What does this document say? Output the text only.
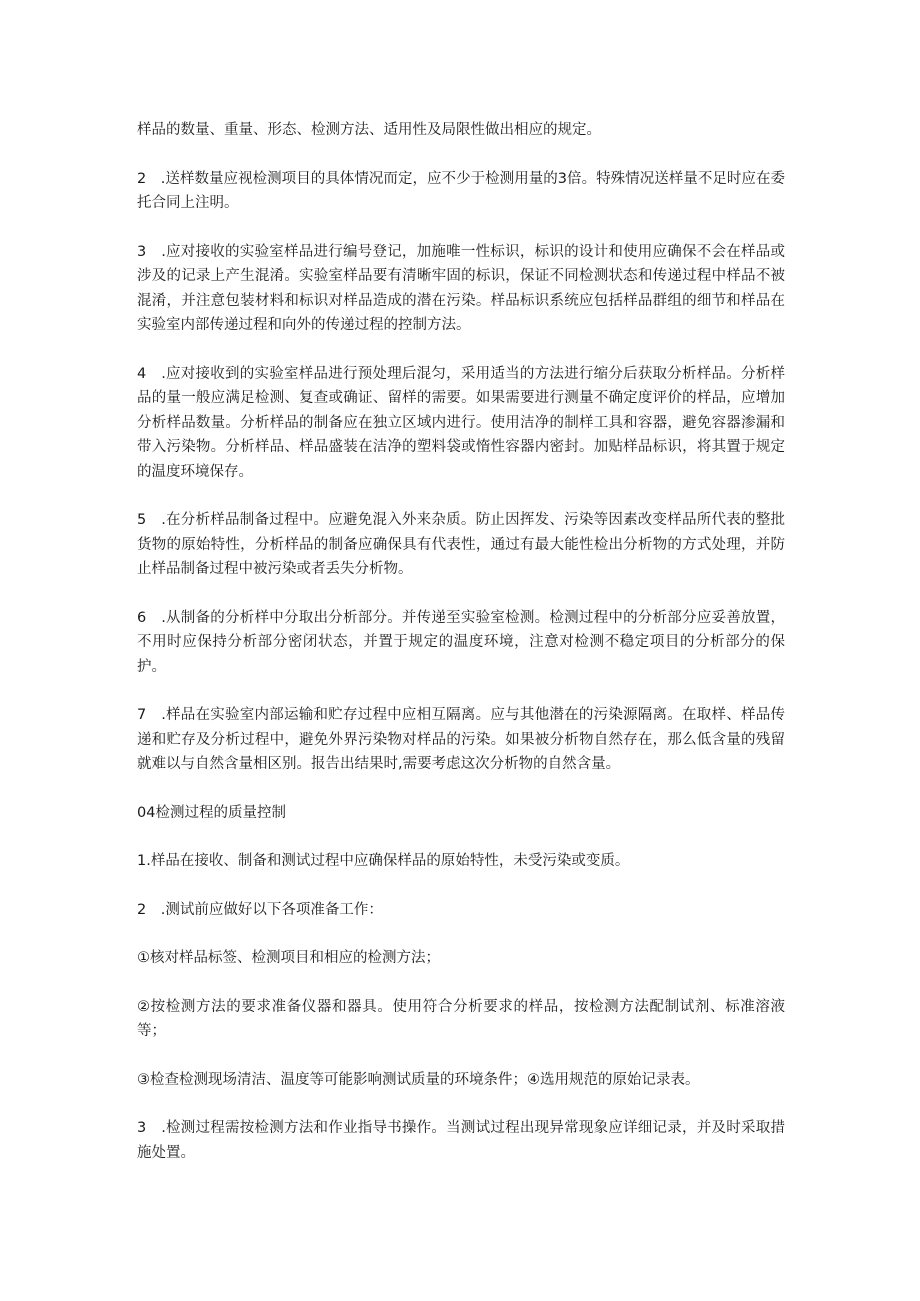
样品的数量、重量、形态、检测方法、适用性及局限性做出相应的规定。

2　.送样数量应视检测项目的具体情况而定，应不少于检测用量的3倍。特殊情况送样量不足时应在委托合同上注明。

3　.应对接收的实验室样品进行编号登记，加施唯一性标识，标识的设计和使用应确保不会在样品或涉及的记录上产生混淆。实验室样品要有清晰牢固的标识，保证不同检测状态和传递过程中样品不被混淆，并注意包装材料和标识对样品造成的潜在污染。样品标识系统应包括样品群组的细节和样品在实验室内部传递过程和向外的传递过程的控制方法。

4　.应对接收到的实验室样品进行预处理后混匀，采用适当的方法进行缩分后获取分析样品。分析样品的量一般应满足检测、复查或确证、留样的需要。如果需要进行测量不确定度评价的样品，应增加分析样品数量。分析样品的制备应在独立区域内进行。使用洁净的制样工具和容器，避免容器渗漏和带入污染物。分析样品、样品盛装在洁净的塑料袋或惰性容器内密封。加贴样品标识，将其置于规定的温度环境保存。

5　.在分析样品制备过程中。应避免混入外来杂质。防止因挥发、污染等因素改变样品所代表的整批货物的原始特性，分析样品的制备应确保具有代表性，通过有最大能性检出分析物的方式处理，并防止样品制备过程中被污染或者丢失分析物。

6　.从制备的分析样中分取出分析部分。并传递至实验室检测。检测过程中的分析部分应妥善放置，不用时应保持分析部分密闭状态，并置于规定的温度环境，注意对检测不稳定项目的分析部分的保护。

7　.样品在实验室内部运输和贮存过程中应相互隔离。应与其他潜在的污染源隔离。在取样、样品传递和贮存及分析过程中，避免外界污染物对样品的污染。如果被分析物自然存在，那么低含量的残留就难以与自然含量相区别。报告出结果时,需要考虑这次分析物的自然含量。

04检测过程的质量控制

1.样品在接收、制备和测试过程中应确保样品的原始特性，未受污染或变质。

2　.测试前应做好以下各项准备工作：

①核对样品标签、检测项目和相应的检测方法；

②按检测方法的要求准备仪器和器具。使用符合分析要求的样品，按检测方法配制试剂、标准溶液等；

③检查检测现场清洁、温度等可能影响测试质量的环境条件；④选用规范的原始记录表。

3　.检测过程需按检测方法和作业指导书操作。当测试过程出现异常现象应详细记录，并及时采取措施处置。
